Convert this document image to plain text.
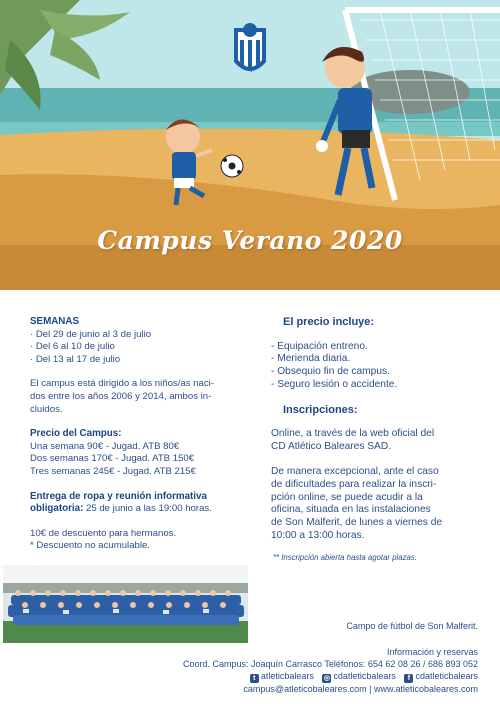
Campus Verano 2020
SEMANAS
· Del 29 de junio al 3 de julio
· Del 6 al 10 de julio
· Del 13 al 17 de julio
El campus está dirigido a los niños/as naci-
dos entre los años 2006 y 2014, ambos in-
cluidos.
Precio del Campus:
Una semana 90€ - Jugad. ATB 80€
Dos semanas 170€ - Jugad. ATB 150€
Tres semanas 245€ - Jugad. ATB 215€
Entrega de ropa y reunión informativa
obligatoria: 25 de junio a las 19:00 horas.
10€ de descuento para hermanos.
* Descuento no acumulable.
El precio incluye:
- Equipación entreno.
- Merienda diaria.
- Obsequio fin de campus.
- Seguro lesión o accidente.
Inscripciones:
Online, a través de la web oficial del
CD Atlético Baleares SAD.
De manera excepcional, ante el caso
de dificultades para realizar la inscri-
pción online, se puede acudir a la
oficina, situada en las instalaciones
de Son Malferit, de lunes a viernes de
10:00 a 13:00 horas.
** Inscripción abierta hasta agotar plazas.
Campo de fútbol de Son Malferit.
Información y reservas
Coord. Campus: Joaquín Carrasco Teléfonos: 654 62 08 26 / 686 893 052
t atleticbalears ◎ cdatleticbalears f cdatleticbalears
campus@atleticobaleares.com | www.atleticobaleares.com
